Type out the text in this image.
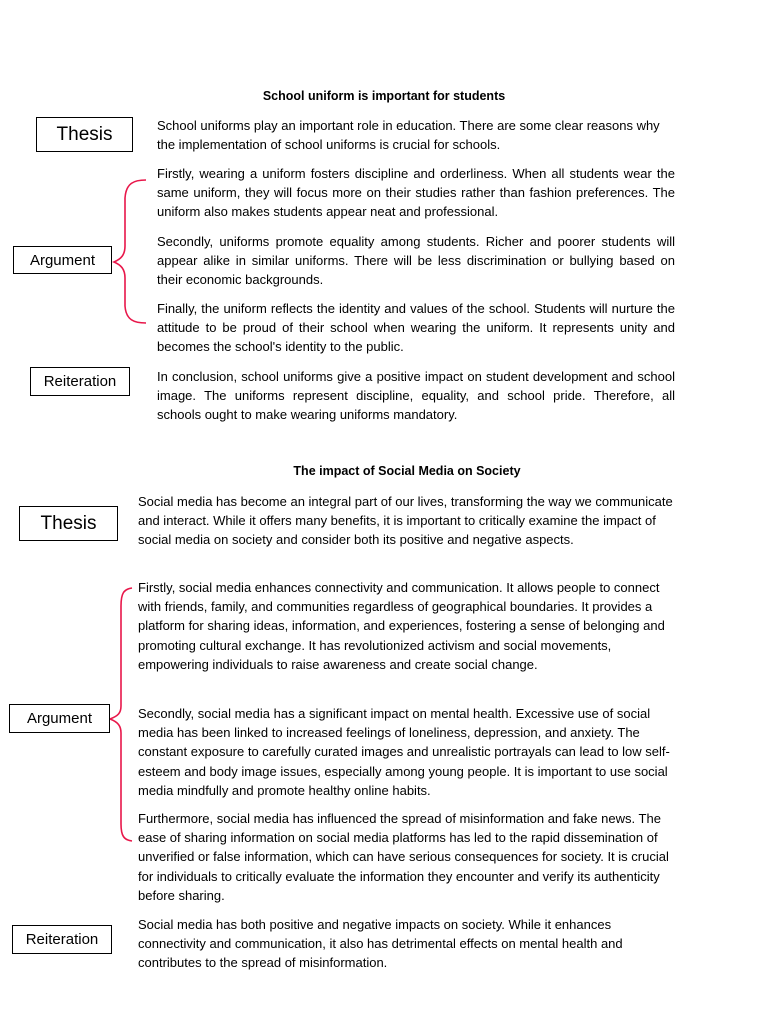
School uniform is important for students
Thesis	School uniforms play an important role in education. There are some clear reasons why the implementation of school uniforms is crucial for schools.

Argument

Firstly, wearing a uniform fosters discipline and orderliness. When all students wear the same uniform, they will focus more on their studies rather than fashion preferences. The uniform also makes students appear neat and professional.

Secondly, uniforms promote equality among students. Richer and poorer students will appear alike in similar uniforms. There will be less discrimination or bullying based on their economic backgrounds.

Finally, the uniform reflects the identity and values of the school. Students will nurture the attitude to be proud of their school when wearing the uniform. It represents unity and becomes the school's identity to the public.

Reiteration	In conclusion, school uniforms give a positive impact on student development and school image. The uniforms represent discipline, equality, and school pride. Therefore, all schools ought to make wearing uniforms mandatory.

The impact of Social Media on Society
Thesis

Social media has become an integral part of our lives, transforming the way we communicate and interact. While it offers many benefits, it is important to critically examine the impact of social media on society and consider both its positive and negative aspects.

Argument

Firstly, social media enhances connectivity and communication. It allows people to connect with friends, family, and communities regardless of geographical boundaries. It provides a platform for sharing ideas, information, and experiences, fostering a sense of belonging and promoting cultural exchange. It has revolutionized activism and social movements, empowering individuals to raise awareness and create social change.

Secondly, social media has a significant impact on mental health. Excessive use of social media has been linked to increased feelings of loneliness, depression, and anxiety. The constant exposure to carefully curated images and unrealistic portrayals can lead to low self-esteem and body image issues, especially among young people. It is important to use social media mindfully and promote healthy online habits.

Furthermore, social media has influenced the spread of misinformation and fake news. The ease of sharing information on social media platforms has led to the rapid dissemination of unverified or false information, which can have serious consequences for society. It is crucial for individuals to critically evaluate the information they encounter and verify its authenticity before sharing.

Reiteration

Social media has both positive and negative impacts on society. While it enhances connectivity and communication, it also has detrimental effects on mental health and contributes to the spread of misinformation.
